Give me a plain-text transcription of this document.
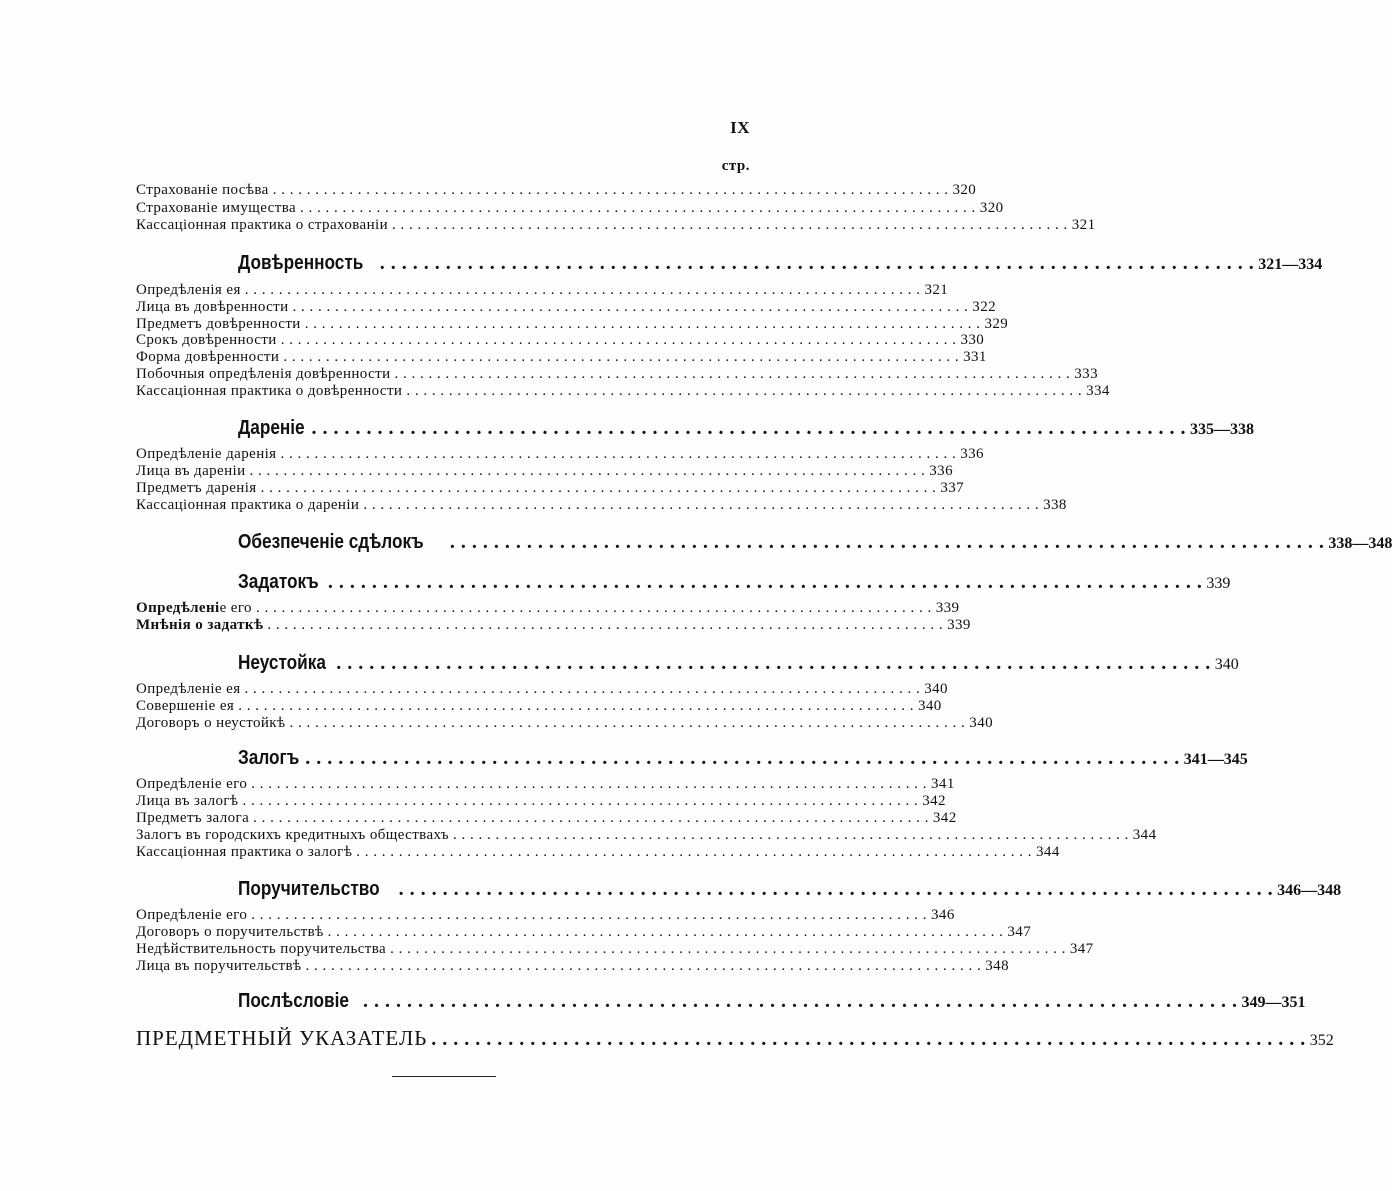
IX
стр.
Страхованіе посѣва . . . . . . . . . . . . . . . . . . . . . . . . . . . . . . . . . . . . . . . . . . . . . . . . . . . . . . . . . . . . . . . . . . . . . . . . . . . . . . . . 320
Страхованіе имущества . . . . . . . . . . . . . . . . . . . . . . . . . . . . . . . . . . . . . . . . . . . . . . . . . . . . . . . . . . . . . . . . . . . . . . . . . . . . . . . . 320
Кассаціонная практика о страхованіи . . . . . . . . . . . . . . . . . . . . . . . . . . . . . . . . . . . . . . . . . . . . . . . . . . . . . . . . . . . . . . . . . . . . . . . . . . . . . . . . 321
Довѣренность . . . . . . . . . . . . . . . . . . . . . . . . . . . . . . . . . . . . . . . . . . . . . . . . . . . . . . . . . . . . . . . . . . . . . . . . . . . . . . . . 321—334
Опредѣленія ея . . . . . . . . . . . . . . . . . . . . . . . . . . . . . . . . . . . . . . . . . . . . . . . . . . . . . . . . . . . . . . . . . . . . . . . . . . . . . . . . 321
Лица въ довѣренности . . . . . . . . . . . . . . . . . . . . . . . . . . . . . . . . . . . . . . . . . . . . . . . . . . . . . . . . . . . . . . . . . . . . . . . . . . . . . . . . 322
Предметъ довѣренности . . . . . . . . . . . . . . . . . . . . . . . . . . . . . . . . . . . . . . . . . . . . . . . . . . . . . . . . . . . . . . . . . . . . . . . . . . . . . . . . 329
Срокъ довѣренности . . . . . . . . . . . . . . . . . . . . . . . . . . . . . . . . . . . . . . . . . . . . . . . . . . . . . . . . . . . . . . . . . . . . . . . . . . . . . . . . 330
Форма довѣренности . . . . . . . . . . . . . . . . . . . . . . . . . . . . . . . . . . . . . . . . . . . . . . . . . . . . . . . . . . . . . . . . . . . . . . . . . . . . . . . . 331
Побочныя опредѣленія довѣренности . . . . . . . . . . . . . . . . . . . . . . . . . . . . . . . . . . . . . . . . . . . . . . . . . . . . . . . . . . . . . . . . . . . . . . . . . . . . . . . . 333
Кассаціонная практика о довѣренности . . . . . . . . . . . . . . . . . . . . . . . . . . . . . . . . . . . . . . . . . . . . . . . . . . . . . . . . . . . . . . . . . . . . . . . . . . . . . . . . 334
Дареніе . . . . . . . . . . . . . . . . . . . . . . . . . . . . . . . . . . . . . . . . . . . . . . . . . . . . . . . . . . . . . . . . . . . . . . . . . . . . . . . . 335—338
Опредѣленіе даренія . . . . . . . . . . . . . . . . . . . . . . . . . . . . . . . . . . . . . . . . . . . . . . . . . . . . . . . . . . . . . . . . . . . . . . . . . . . . . . . . 336
Лица въ дареніи . . . . . . . . . . . . . . . . . . . . . . . . . . . . . . . . . . . . . . . . . . . . . . . . . . . . . . . . . . . . . . . . . . . . . . . . . . . . . . . . 336
Предметъ даренія . . . . . . . . . . . . . . . . . . . . . . . . . . . . . . . . . . . . . . . . . . . . . . . . . . . . . . . . . . . . . . . . . . . . . . . . . . . . . . . . 337
Кассаціонная практика о дареніи . . . . . . . . . . . . . . . . . . . . . . . . . . . . . . . . . . . . . . . . . . . . . . . . . . . . . . . . . . . . . . . . . . . . . . . . . . . . . . . . 338
Обезпеченіе сдѣлокъ . . . . . . . . . . . . . . . . . . . . . . . . . . . . . . . . . . . . . . . . . . . . . . . . . . . . . . . . . . . . . . . . . . . . . . . . . . . . . . . . 338—348
Задатокъ . . . . . . . . . . . . . . . . . . . . . . . . . . . . . . . . . . . . . . . . . . . . . . . . . . . . . . . . . . . . . . . . . . . . . . . . . . . . . . . . 339
Опредѣленіе его . . . . . . . . . . . . . . . . . . . . . . . . . . . . . . . . . . . . . . . . . . . . . . . . . . . . . . . . . . . . . . . . . . . . . . . . . . . . . . . . 339
Мнѣнія о задаткѣ . . . . . . . . . . . . . . . . . . . . . . . . . . . . . . . . . . . . . . . . . . . . . . . . . . . . . . . . . . . . . . . . . . . . . . . . . . . . . . . . 339
Неустойка . . . . . . . . . . . . . . . . . . . . . . . . . . . . . . . . . . . . . . . . . . . . . . . . . . . . . . . . . . . . . . . . . . . . . . . . . . . . . . . . 340
Опредѣленіе ея . . . . . . . . . . . . . . . . . . . . . . . . . . . . . . . . . . . . . . . . . . . . . . . . . . . . . . . . . . . . . . . . . . . . . . . . . . . . . . . . 340
Совершеніе ея . . . . . . . . . . . . . . . . . . . . . . . . . . . . . . . . . . . . . . . . . . . . . . . . . . . . . . . . . . . . . . . . . . . . . . . . . . . . . . . . 340
Договоръ о неустойкѣ . . . . . . . . . . . . . . . . . . . . . . . . . . . . . . . . . . . . . . . . . . . . . . . . . . . . . . . . . . . . . . . . . . . . . . . . . . . . . . . . 340
Залогъ . . . . . . . . . . . . . . . . . . . . . . . . . . . . . . . . . . . . . . . . . . . . . . . . . . . . . . . . . . . . . . . . . . . . . . . . . . . . . . . . 341—345
Опредѣленіе его . . . . . . . . . . . . . . . . . . . . . . . . . . . . . . . . . . . . . . . . . . . . . . . . . . . . . . . . . . . . . . . . . . . . . . . . . . . . . . . . 341
Лица въ залогѣ . . . . . . . . . . . . . . . . . . . . . . . . . . . . . . . . . . . . . . . . . . . . . . . . . . . . . . . . . . . . . . . . . . . . . . . . . . . . . . . . 342
Предметъ залога . . . . . . . . . . . . . . . . . . . . . . . . . . . . . . . . . . . . . . . . . . . . . . . . . . . . . . . . . . . . . . . . . . . . . . . . . . . . . . . . 342
Залогъ въ городскихъ кредитныхъ обществахъ . . . . . . . . . . . . . . . . . . . . . . . . . . . . . . . . . . . . . . . . . . . . . . . . . . . . . . . . . . . . . . . . . . . . . . . . . . . . . . . . 344
Кассаціонная практика о залогѣ . . . . . . . . . . . . . . . . . . . . . . . . . . . . . . . . . . . . . . . . . . . . . . . . . . . . . . . . . . . . . . . . . . . . . . . . . . . . . . . . 344
Поручительство . . . . . . . . . . . . . . . . . . . . . . . . . . . . . . . . . . . . . . . . . . . . . . . . . . . . . . . . . . . . . . . . . . . . . . . . . . . . . . . . 346—348
Опредѣленіе его . . . . . . . . . . . . . . . . . . . . . . . . . . . . . . . . . . . . . . . . . . . . . . . . . . . . . . . . . . . . . . . . . . . . . . . . . . . . . . . . 346
Договоръ о поручительствѣ . . . . . . . . . . . . . . . . . . . . . . . . . . . . . . . . . . . . . . . . . . . . . . . . . . . . . . . . . . . . . . . . . . . . . . . . . . . . . . . . 347
Недѣйствительность поручительства . . . . . . . . . . . . . . . . . . . . . . . . . . . . . . . . . . . . . . . . . . . . . . . . . . . . . . . . . . . . . . . . . . . . . . . . . . . . . . . . 347
Лица въ поручительствѣ . . . . . . . . . . . . . . . . . . . . . . . . . . . . . . . . . . . . . . . . . . . . . . . . . . . . . . . . . . . . . . . . . . . . . . . . . . . . . . . . 348
Послѣсловіе . . . . . . . . . . . . . . . . . . . . . . . . . . . . . . . . . . . . . . . . . . . . . . . . . . . . . . . . . . . . . . . . . . . . . . . . . . . . . . . . 349—351
ПРЕДМЕТНЫЙ УКАЗАТЕЛЬ . . . . . . . . . . . . . . . . . . . . . . . . . . . . . . . . . . . . . . . . . . . . . . . . . . . . . . . . . . . . . . . . . . . . . . . . . . . . . . . . 352
